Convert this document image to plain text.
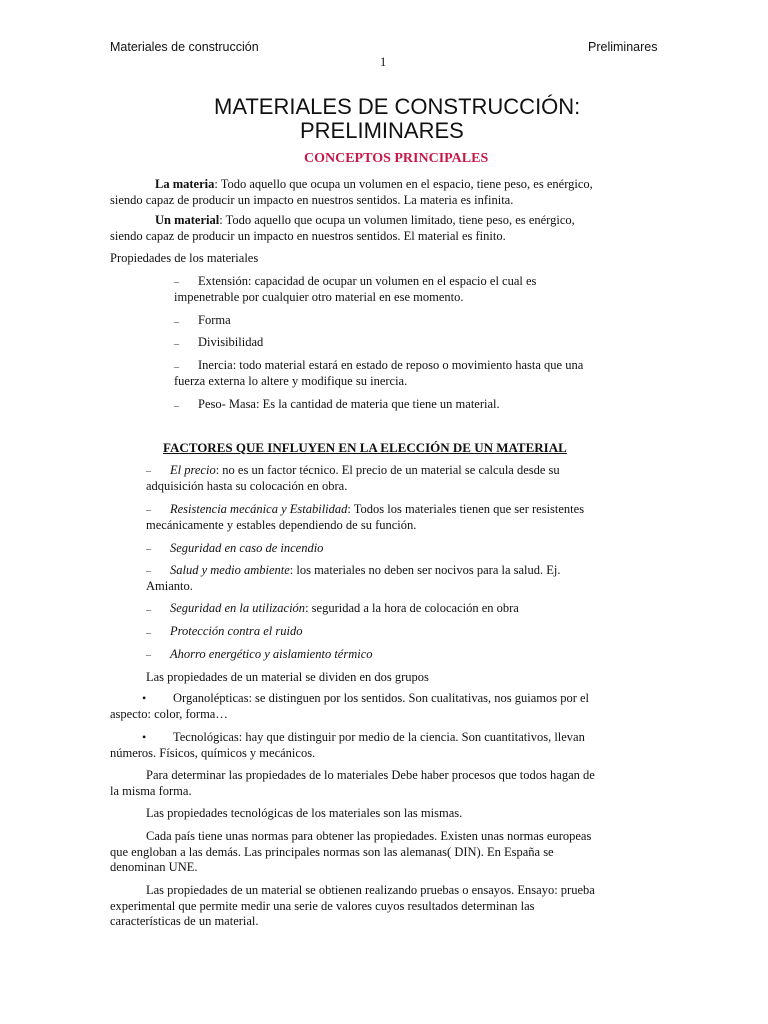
Materiales de construcción	Preliminares
1
MATERIALES DE CONSTRUCCIÓN:
PRELIMINARES
CONCEPTOS PRINCIPALES
La materia: Todo aquello que ocupa un volumen en el espacio, tiene peso, es enérgico,
siendo capaz de producir un impacto en nuestros sentidos. La materia es infinita.
Un material: Todo aquello que ocupa un volumen limitado, tiene peso, es enérgico,
siendo capaz de producir un impacto en nuestros sentidos. El material es finito.
Propiedades de los materiales
–	Extensión: capacidad de ocupar un volumen en el espacio el cual es
impenetrable por cualquier otro material en ese momento.
– Forma
– Divisibilidad
–	Inercia: todo material estará en estado de reposo o movimiento hasta que una
fuerza externa lo altere y modifique su inercia.
– Peso- Masa: Es la cantidad de materia que tiene un material.
FACTORES QUE INFLUYEN EN LA ELECCIÓN DE UN MATERIAL
–	El precio: no es un factor técnico. El precio de un material se calcula desde su
adquisición hasta su colocación en obra.
–	Resistencia mecánica y Estabilidad: Todos los materiales tienen que ser resistentes
mecánicamente y estables dependiendo de su función.
– Seguridad en caso de incendio
–	Salud y medio ambiente: los materiales no deben ser nocivos para la salud. Ej.
Amianto.
– Seguridad en la utilización: seguridad a la hora de colocación en obra
– Protección contra el ruido
– Ahorro energético y aislamiento térmico
Las propiedades de un material se dividen en dos grupos
•	Organolépticas: se distinguen por los sentidos. Son cualitativas, nos guiamos por el
aspecto: color, forma…
•	Tecnológicas: hay que distinguir por medio de la ciencia. Son cuantitativos, llevan
números. Físicos, químicos y mecánicos.
Para determinar las propiedades de lo materiales Debe haber procesos que todos hagan de
la misma forma.
Las propiedades tecnológicas de los materiales son las mismas.
Cada país tiene unas normas para obtener las propiedades. Existen unas normas europeas
que engloban a las demás. Las principales normas son las alemanas( DIN). En España se
denominan UNE.
Las propiedades de un material se obtienen realizando pruebas o ensayos. Ensayo: prueba
experimental que permite medir una serie de valores cuyos resultados determinan las
características de un material.
